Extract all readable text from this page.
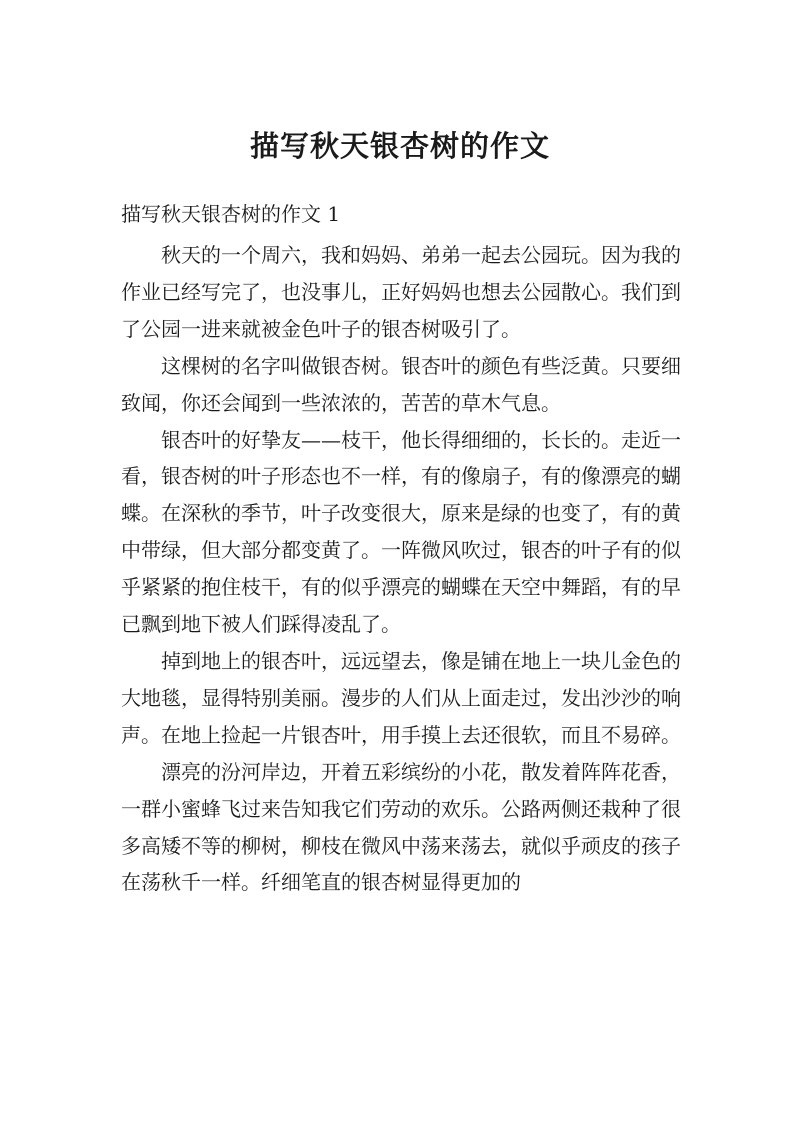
描写秋天银杏树的作文
描写秋天银杏树的作文 1

秋天的一个周六，我和妈妈、弟弟一起去公园玩。因为我的作业已经写完了，也没事儿，正好妈妈也想去公园散心。我们到了公园一进来就被金色叶子的银杏树吸引了。

这棵树的名字叫做银杏树。银杏叶的颜色有些泛黄。只要细致闻，你还会闻到一些浓浓的，苦苦的草木气息。

银杏叶的好挚友——枝干，他长得细细的，长长的。走近一看，银杏树的叶子形态也不一样，有的像扇子，有的像漂亮的蝴蝶。在深秋的季节，叶子改变很大，原来是绿的也变了，有的黄中带绿，但大部分都变黄了。一阵微风吹过，银杏的叶子有的似乎紧紧的抱住枝干，有的似乎漂亮的蝴蝶在天空中舞蹈，有的早已飘到地下被人们踩得凌乱了。

掉到地上的银杏叶，远远望去，像是铺在地上一块儿金色的大地毯，显得特别美丽。漫步的人们从上面走过，发出沙沙的响声。在地上捡起一片银杏叶，用手摸上去还很软，而且不易碎。

漂亮的汾河岸边，开着五彩缤纷的小花，散发着阵阵花香，一群小蜜蜂飞过来告知我它们劳动的欢乐。公路两侧还栽种了很多高矮不等的柳树，柳枝在微风中荡来荡去，就似乎顽皮的孩子在荡秋千一样。纤细笔直的银杏树显得更加的
